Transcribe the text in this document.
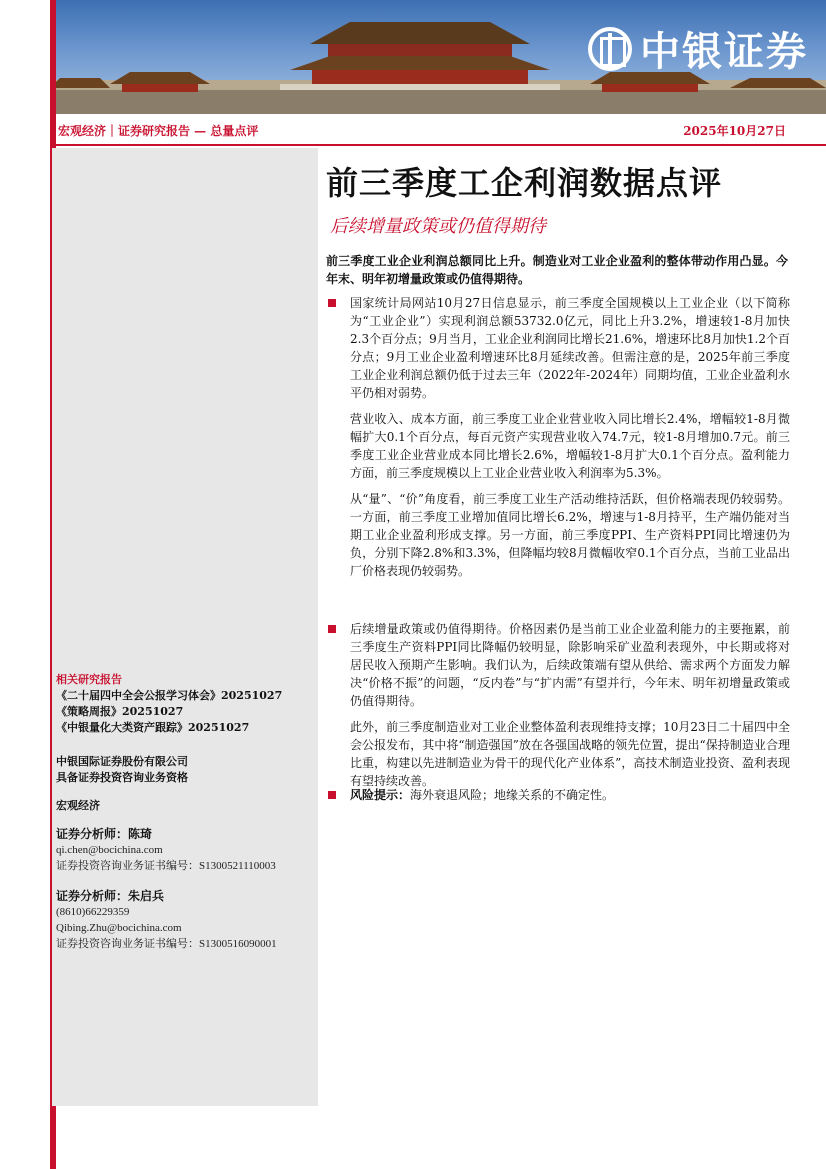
中银证券
宏观经济｜证券研究报告 — 总量点评	2025年10月27日
相关研究报告
《二十届四中全会公报学习体会》20251027
《策略周报》20251027
《中银量化大类资产跟踪》20251027
中银国际证券股份有限公司
具备证券投资咨询业务资格
宏观经济
证券分析师：陈琦
qi.chen@bocichina.com
证券投资咨询业务证书编号：S1300521110003
证券分析师：朱启兵
(8610)66229359
Qibing.Zhu@bocichina.com
证券投资咨询业务证书编号：S1300516090001
前三季度工企利润数据点评
后续增量政策或仍值得期待
前三季度工业企业利润总额同比上升。制造业对工业企业盈利的整体带动作用凸显。今年末、明年初增量政策或仍值得期待。
国家统计局网站10月27日信息显示，前三季度全国规模以上工业企业（以下简称为“工业企业”）实现利润总额53732.0亿元，同比上升3.2%，增速较1-8月加快2.3个百分点；9月当月，工业企业利润同比增长21.6%，增速环比8月加快1.2个百分点；9月工业企业盈利增速环比8月延续改善。但需注意的是，2025年前三季度工业企业利润总额仍低于过去三年（2022年-2024年）同期均值，工业企业盈利水平仍相对弱势。
营业收入、成本方面，前三季度工业企业营业收入同比增长2.4%，增幅较1-8月微幅扩大0.1个百分点，每百元资产实现营业收入74.7元，较1-8月增加0.7元。前三季度工业企业营业成本同比增长2.6%，增幅较1-8月扩大0.1个百分点。盈利能力方面，前三季度规模以上工业企业营业收入利润率为5.3%。
从“量”、“价”角度看，前三季度工业生产活动维持活跃，但价格端表现仍较弱势。一方面，前三季度工业增加值同比增长6.2%，增速与1-8月持平，生产端仍能对当期工业企业盈利形成支撑。另一方面，前三季度PPI、生产资料PPI同比增速仍为负，分别下降2.8%和3.3%，但降幅均较8月微幅收窄0.1个百分点，当前工业品出厂价格表现仍较弱势。
后续增量政策或仍值得期待。价格因素仍是当前工业企业盈利能力的主要拖累，前三季度生产资料PPI同比降幅仍较明显，除影响采矿业盈利表现外，中长期或将对居民收入预期产生影响。我们认为，后续政策端有望从供给、需求两个方面发力解决“价格不振”的问题，“反内卷”与“扩内需”有望并行，今年末、明年初增量政策或仍值得期待。
此外，前三季度制造业对工业企业整体盈利表现维持支撑；10月23日二十届四中全会公报发布，其中将“制造强国”放在各强国战略的领先位置，提出“保持制造业合理比重，构建以先进制造业为骨干的现代化产业体系”，高技术制造业投资、盈利表现有望持续改善。
风险提示：海外衰退风险；地缘关系的不确定性。
